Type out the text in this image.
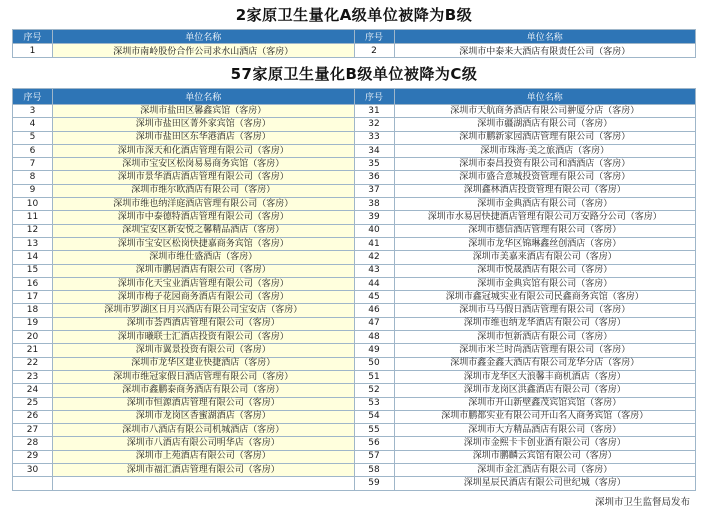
2家原卫生量化A级单位被降为B级
序号	单位名称	序号	单位名称
1	深圳市南岭股份合作公司求水山酒店（客房）	2	深圳市中泰来大酒店有限责任公司（客房）
57家原卫生量化B级单位被降为C级
序号	单位名称	序号	单位名称
3	深圳市盐田区馨鑫宾馆（客房）	31	深圳市天航商务酒店有限公司翀厦分店（客房）
4	深圳市盐田区菁外家宾馆（客房）	32	深圳市疆湖酒店有限公司（客房）
5	深圳市盐田区东华港酒店（客房）	33	深圳市鹏新家园酒店管理有限公司（客房）
6	深圳市深天和化酒店管理有限公司（客房）	34	深圳市珠海·美之旅酒店（客房）
7	深圳市宝安区松岗易易商务宾馆（客房）	35	深圳市泰昌投资有限公司和酒酒店（客房）
8	深圳市景华酒店酒店管理有限公司（客房）	36	深圳市盛合意城投资管理有限公司（客房）
9	深圳市维尔欧酒店有限公司（客房）	37	深圳鑫林酒店投资管理有限公司（客房）
10	深圳市维也纳洋庭酒店管理有限公司（客房）	38	深圳市金典酒店有限公司（客房）
11	深圳市中泰德特酒店管理有限公司（客房）	39	深圳市水易居快捷酒店管理有限公司万安路分公司（客房）
12	深圳宝安区新安悦之馨精品酒店（客房）	40	深圳市德信酒店管理有限公司（客房）
13	深圳市宝安区松岗快捷嘉商务宾馆（客房）	41	深圳市龙华区锦琳鑫丝创酒店（客房）
14	深圳市维仕盛酒店（客房）	42	深圳市美嘉来酒店有限公司（客房）
15	深圳市鹏居酒店有限公司（客房）	43	深圳市悦晟酒店有限公司（客房）
16	深圳市化天宝业酒店管理有限公司（客房）	44	深圳市金典宾馆有限公司（客房）
17	深圳市梅子花园商务酒店有限公司（客房）	45	深圳市鑫冠城实业有限公司民鑫商务宾馆（客房）
18	深圳市罗湖区日月兴酒店有限公司宝安店（客房）	46	深圳市马马假日酒店管理有限公司（客房）
19	深圳市荟西酒店管理有限公司（客房）	47	深圳市维也纳龙华酒店有限公司（客房）
20	深圳市曦联士汇酒店投资有限公司（客房）	48	深圳市恒新酒店有限公司（客房）
21	深圳市翼景投资有限公司（客房）	49	深圳市米兰时尚酒店管理有限公司（客房）
22	深圳市龙华区建业快捷酒店（客房）	50	深圳市鑫金鑫大酒店有限公司龙华分店（客房）
23	深圳市维冠家假日酒店管理有限公司（客房）	51	深圳市龙华区大浪馨丰商机酒店（客房）
24	深圳市鑫鹏泰商务酒店有限公司（客房）	52	深圳市龙岗区洪鑫酒店有限公司（客房）
25	深圳市恒源酒店管理有限公司（客房）	53	深圳市开山新壁鑫茂宾馆宾馆（客房）
26	深圳市龙岗区香蜜湖酒店（客房）	54	深圳市鹏都实业有限公司开山名人商务宾馆（客房）
27	深圳市八酒店有限公司机城酒店（客房）	55	深圳市大方精品酒店有限公司（客房）
28	深圳市八酒店有限公司明华店（客房）	56	深圳市金熙卡卡创业酒有限公司（客房）
29	深圳市上苑酒店有限公司（客房）	57	深圳市鹏麟云宾馆有限公司（客房）
30	深圳市福汇酒店管理有限公司（客房）	58	深圳市金汇酒店有限公司（客房）
		59	深圳星辰民酒店有限公司世纪城（客房）
深圳市卫生监督局发布
